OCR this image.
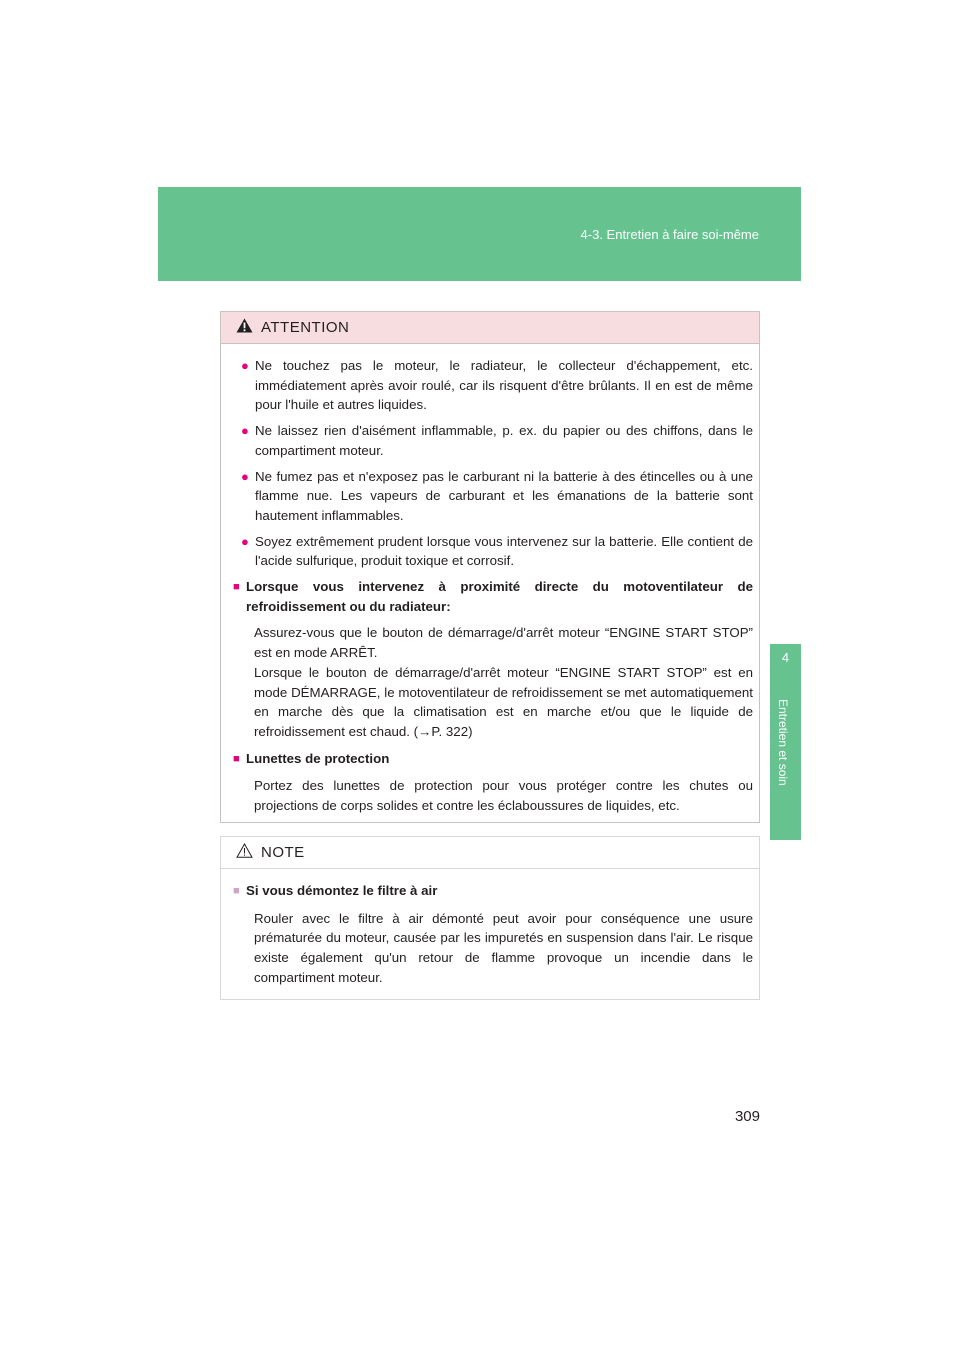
4-3. Entretien à faire soi-même
4
Entretien et soin
ATTENTION
● Ne touchez pas le moteur, le radiateur, le collecteur d'échappement, etc. immédiatement après avoir roulé, car ils risquent d'être brûlants. Il en est de même pour l'huile et autres liquides.
● Ne laissez rien d'aisément inflammable, p. ex. du papier ou des chiffons, dans le compartiment moteur.
● Ne fumez pas et n'exposez pas le carburant ni la batterie à des étincelles ou à une flamme nue. Les vapeurs de carburant et les émanations de la batterie sont hautement inflammables.
● Soyez extrêmement prudent lorsque vous intervenez sur la batterie. Elle contient de l'acide sulfurique, produit toxique et corrosif.
■ Lorsque vous intervenez à proximité directe du motoventilateur de refroidissement ou du radiateur:
Assurez-vous que le bouton de démarrage/d'arrêt moteur “ENGINE START STOP” est en mode ARRÊT.
Lorsque le bouton de démarrage/d'arrêt moteur “ENGINE START STOP” est en mode DÉMARRAGE, le motoventilateur de refroidissement se met automatiquement en marche dès que la climatisation est en marche et/ou que le liquide de refroidissement est chaud. (→P. 322)
■ Lunettes de protection
Portez des lunettes de protection pour vous protéger contre les chutes ou projections de corps solides et contre les éclaboussures de liquides, etc.
NOTE
■ Si vous démontez le filtre à air
Rouler avec le filtre à air démonté peut avoir pour conséquence une usure prématurée du moteur, causée par les impuretés en suspension dans l'air. Le risque existe également qu'un retour de flamme provoque un incendie dans le compartiment moteur.
309
